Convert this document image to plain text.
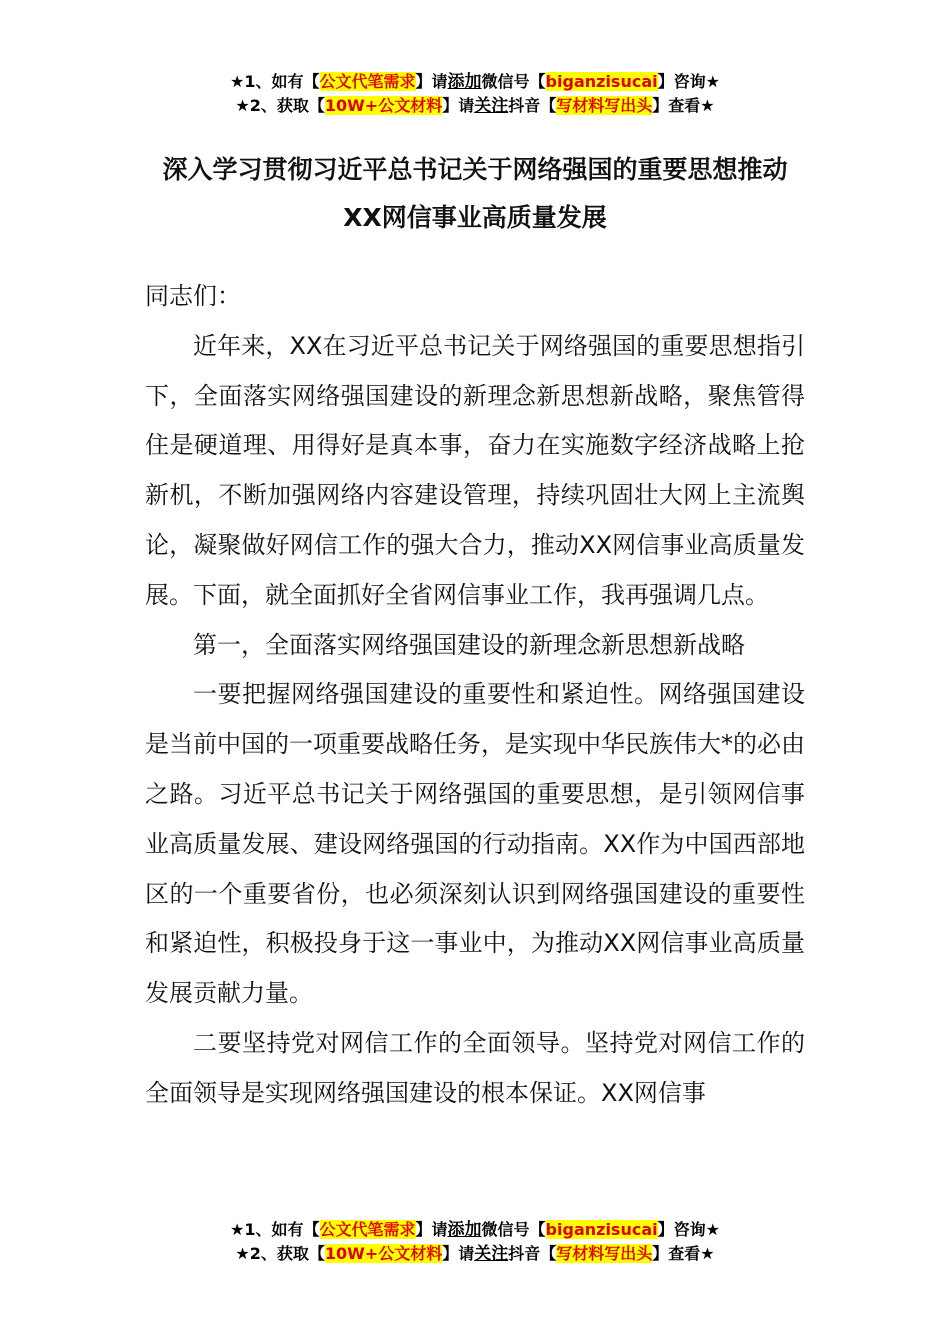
★1、如有【公文代笔需求】请添加微信号【biganzisucai】咨询★
★2、获取【10W+公文材料】请关注抖音【写材料写出头】查看★
深入学习贯彻习近平总书记关于网络强国的重要思想推动
XX网信事业高质量发展

同志们：

近年来，XX在习近平总书记关于网络强国的重要思想指引下，全面落实网络强国建设的新理念新思想新战略，聚焦管得住是硬道理、用得好是真本事，奋力在实施数字经济战略上抢新机，不断加强网络内容建设管理，持续巩固壮大网上主流舆论，凝聚做好网信工作的强大合力，推动XX网信事业高质量发展。下面，就全面抓好全省网信事业工作，我再强调几点。

第一，全面落实网络强国建设的新理念新思想新战略

一要把握网络强国建设的重要性和紧迫性。网络强国建设是当前中国的一项重要战略任务，是实现中华民族伟大*的必由之路。习近平总书记关于网络强国的重要思想，是引领网信事业高质量发展、建设网络强国的行动指南。XX作为中国西部地区的一个重要省份，也必须深刻认识到网络强国建设的重要性和紧迫性，积极投身于这一事业中，为推动XX网信事业高质量发展贡献力量。

二要坚持党对网信工作的全面领导。坚持党对网信工作的全面领导是实现网络强国建设的根本保证。XX网信事

★1、如有【公文代笔需求】请添加微信号【biganzisucai】咨询★
★2、获取【10W+公文材料】请关注抖音【写材料写出头】查看★
